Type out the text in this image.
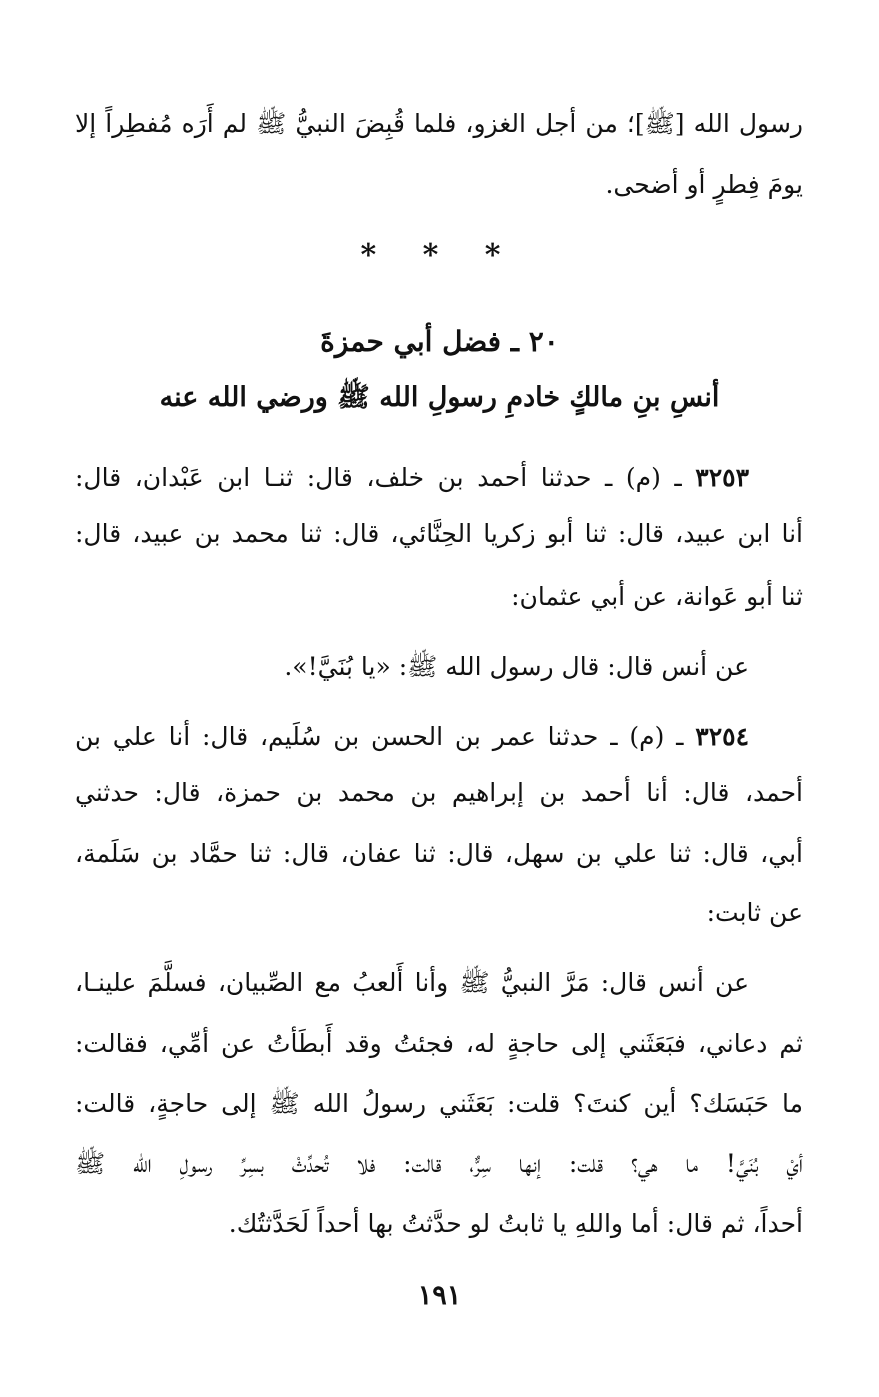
رسول الله [ﷺ]؛ من أجل الغزو، فلما قُبِضَ النبيُّ ﷺ لم أَرَه مُفطِراً إلا
يومَ فِطرٍ أو أضحى.
* * *
٢٠ ـ فضل أبي حمزةَ
أنسِ بنِ مالكٍ خادمِ رسولِ الله ﷺ ورضي الله عنه
٣٢٥٣ ـ (م) ـ حدثنا أحمد بن خلف، قال: ثنـا ابن عَبْدان، قال:
أنا ابن عبيد، قال: ثنا أبو زكريا الحِنَّائي، قال: ثنا محمد بن عبيد، قال:
ثنا أبو عَوانة، عن أبي عثمان:
عن أنس قال: قال رسول الله ﷺ: «يا بُنَيَّ!».
٣٢٥٤ ـ (م) ـ حدثنا عمر بن الحسن بن سُلَيم، قال: أنا علي بن
أحمد، قال: أنا أحمد بن إبراهيم بن محمد بن حمزة، قال: حدثني
أبي، قال: ثنا علي بن سهل، قال: ثنا عفان، قال: ثنا حمَّاد بن سَلَمة،
عن ثابت:
عن أنس قال: مَرَّ النبيُّ ﷺ وأنا أَلعبُ مع الصِّبيان، فسلَّمَ علينـا،
ثم دعاني، فبَعَثَني إلى حاجةٍ له، فجئتُ وقد أَبطَأتُ عن أمِّي، فقالت:
ما حَبَسَك؟ أين كنتَ؟ قلت: بَعَثَني رسولُ الله ﷺ إلى حاجةٍ، قالت:
أيْ بُنَيَّ! ما هي؟ قلت: إنها سِرٌّ، قالت: فلا تُحدِّثْ بسِرِّ رسولِ الله ﷺ
أحداً، ثم قال: أما واللهِ يا ثابتُ لو حدَّثتُ بها أحداً لَحَدَّثتُك.
١٩١
